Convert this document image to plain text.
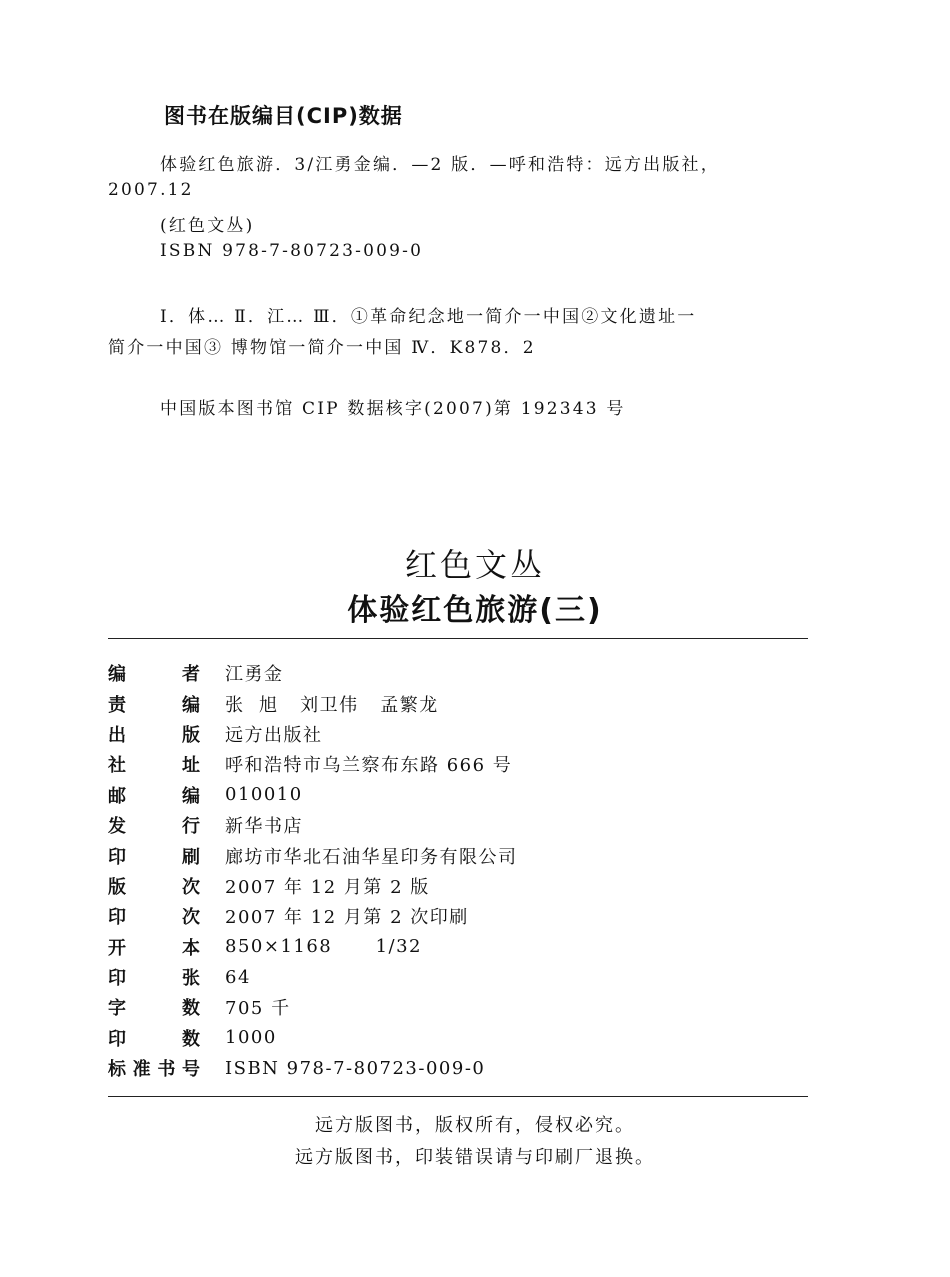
图书在版编目(CIP)数据
体验红色旅游．3/江勇金编．—2 版．—呼和浩特：远方出版社，
2007.12
(红色文丛)
ISBN 978-7-80723-009-0
Ⅰ．体… Ⅱ．江… Ⅲ．①革命纪念地一简介一中国②文化遗址一
简介一中国③ 博物馆一简介一中国 Ⅳ．K878．2
中国版本图书馆 CIP 数据核字(2007)第 192343 号
红色文丛
体验红色旅游(三)
编	者 江勇金
责	编 张  旭   刘卫伟   孟繁龙
出	版 远方出版社
社	址 呼和浩特市乌兰察布东路 666 号
邮	编 010010
发	行 新华书店
印	刷 廊坊市华北石油华星印务有限公司
版	次 2007 年 12 月第 2 版
印	次 2007 年 12 月第 2 次印刷
开	本 850×1168      1/32
印	张 64
字	数 705 千
印	数 1000
标 准 书 号 ISBN 978-7-80723-009-0
远方版图书，版权所有，侵权必究。
远方版图书，印装错误请与印刷厂退换。
